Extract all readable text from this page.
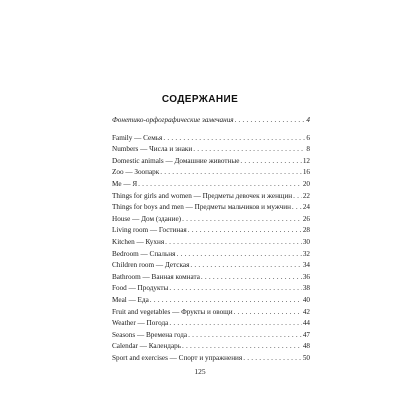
СОДЕРЖАНИЕ
Фонетико-орфографические замечания . . .	4
Family — Семья . . .	6
Numbers — Числа и знаки . . .	8
Domestic animals — Домашние животные . . .	12
Zoo — Зоопарк . . .	16
Me — Я . . .	20
Things for girls and women — Предметы девочек и женщин . . . 22
Things for boys and men — Предметы мальчиков и мужчин . . . 24
House — Дом (здание) . . .	26
Living room — Гостиная . . .	28
Kitchen — Кухня . . .	30
Bedroom — Спальня . . .	32
Children room — Детская . . .	34
Bathroom — Ванная комната . . .	36
Food — Продукты . . .	38
Meal — Еда . . .	40
Fruit and vegetables — Фрукты и овощи . . .	42
Weather — Погода . . .	44
Seasons — Времена года . . .	47
Calendar — Календарь . . .	48
Sport and exercises — Спорт и упражнения . . .	50
125
